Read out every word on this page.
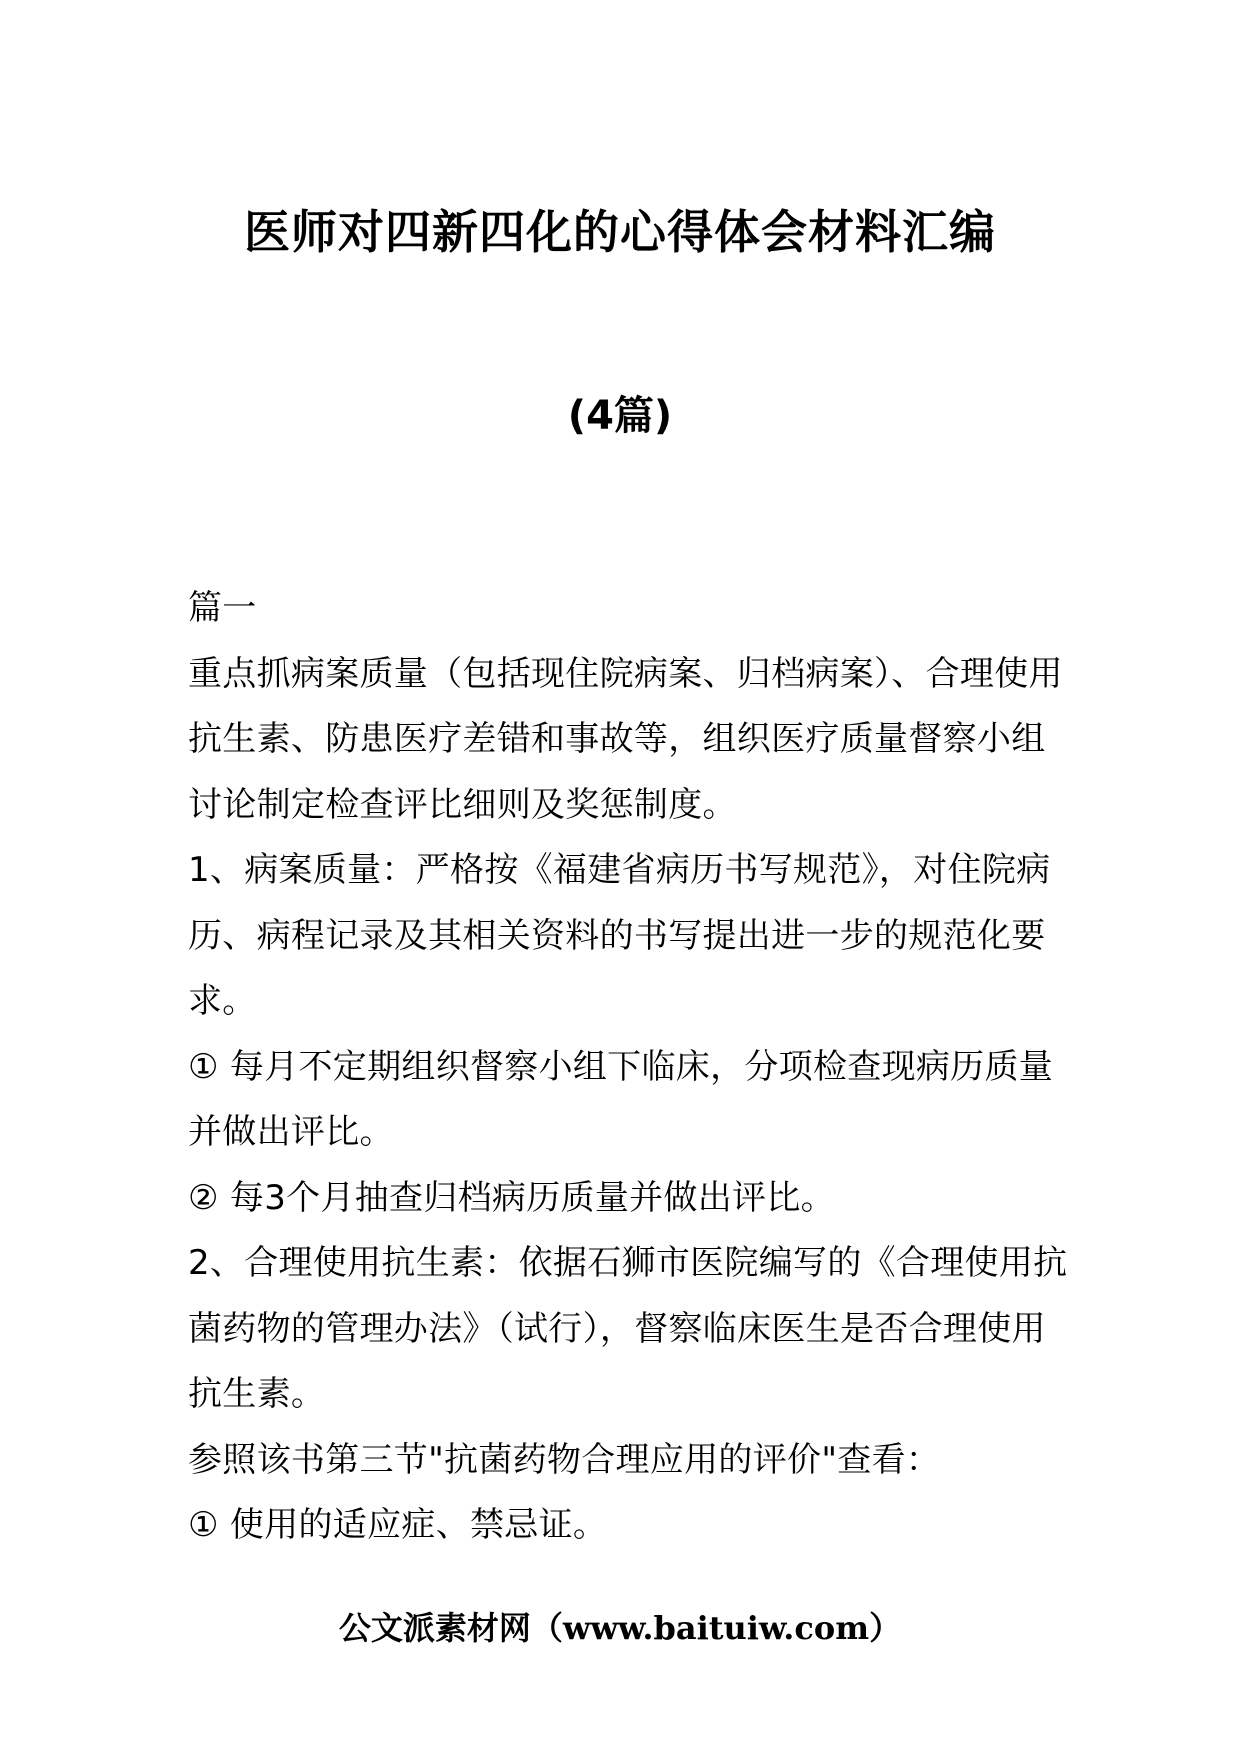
医师对四新四化的心得体会材料汇编
(4篇)

篇一

重点抓病案质量（包括现住院病案、归档病案）、合理使用抗生素、防患医疗差错和事故等，组织医疗质量督察小组讨论制定检查评比细则及奖惩制度。

1、病案质量：严格按《福建省病历书写规范》，对住院病历、病程记录及其相关资料的书写提出进一步的规范化要求。

① 每月不定期组织督察小组下临床，分项检查现病历质量并做出评比。

② 每3个月抽查归档病历质量并做出评比。

2、合理使用抗生素：依据石狮市医院编写的《合理使用抗菌药物的管理办法》（试行），督察临床医生是否合理使用抗生素。

参照该书第三节"抗菌药物合理应用的评价"查看：

① 使用的适应症、禁忌证。

公文派素材网（www.baituiw.com）
